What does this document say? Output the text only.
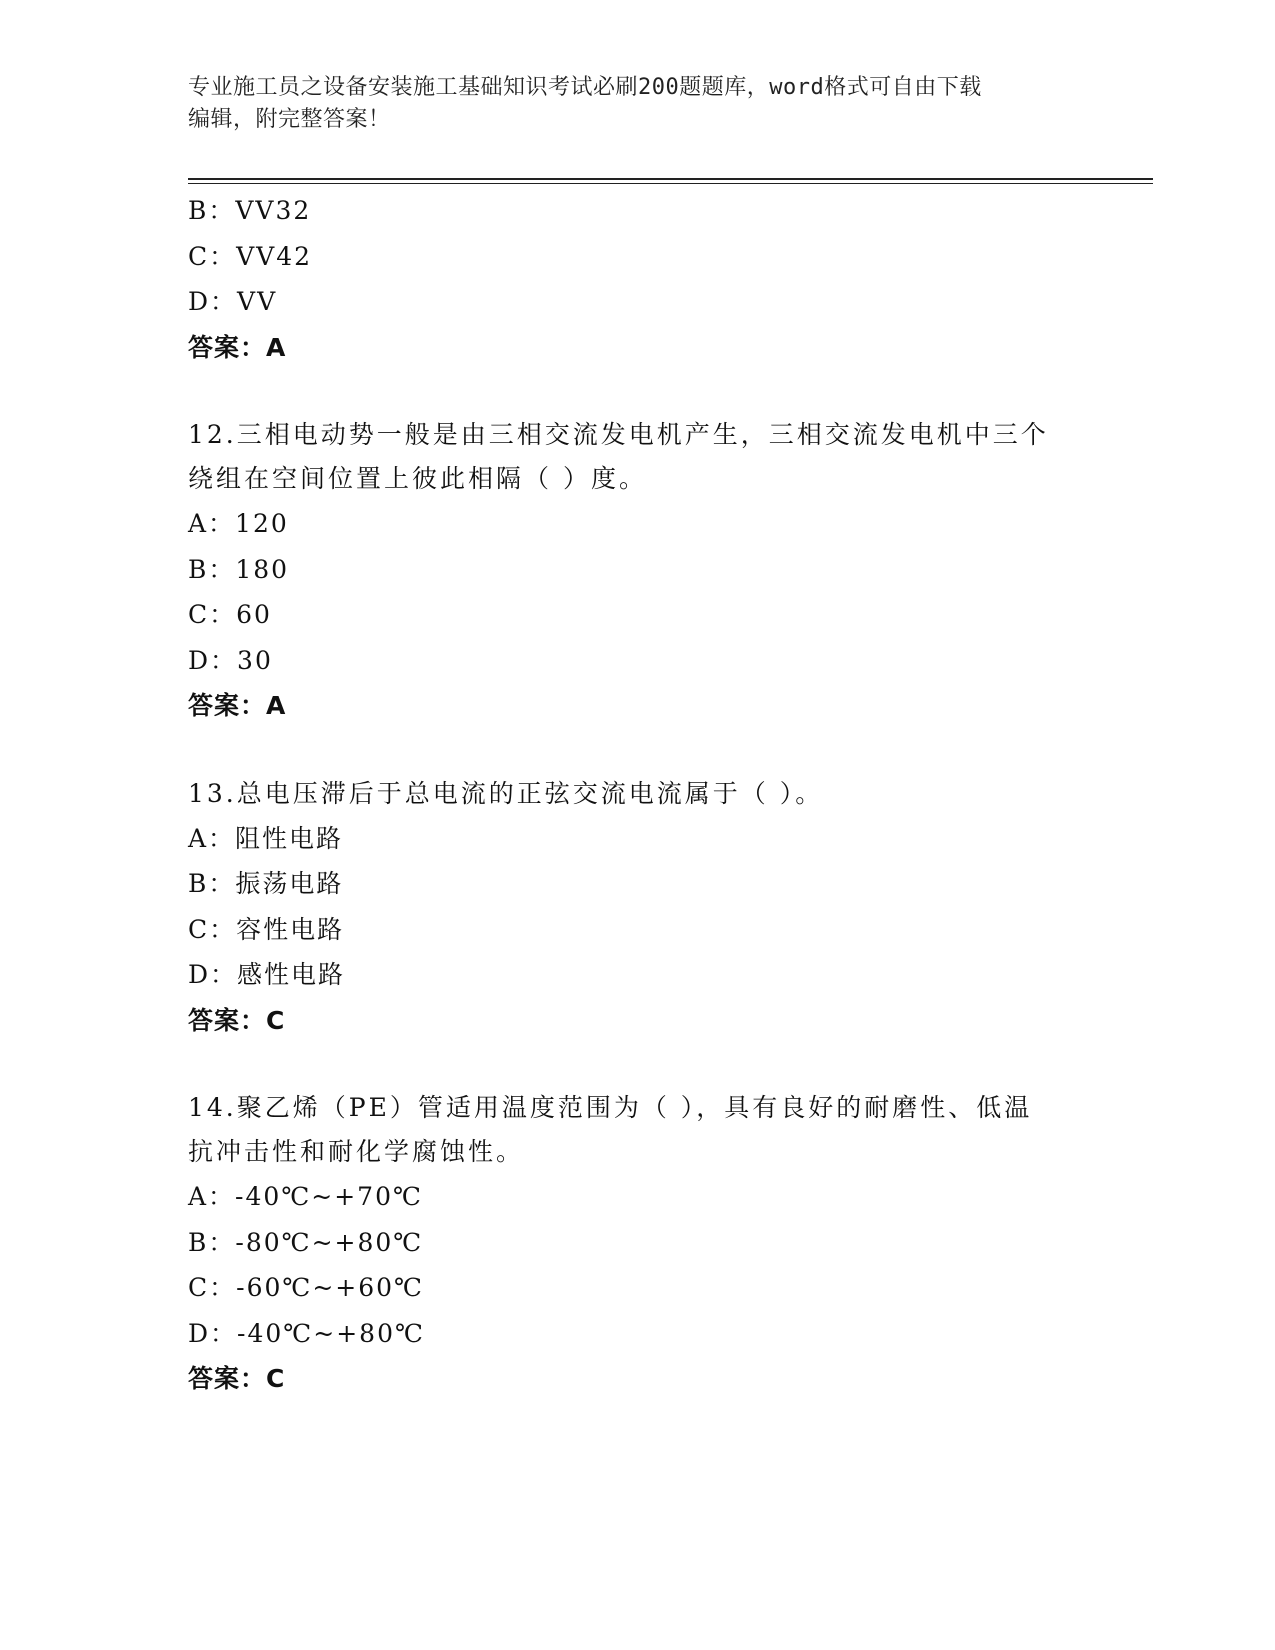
专业施工员之设备安装施工基础知识考试必刷200题题库，word格式可自由下载
编辑，附完整答案！
B：VV32
C：VV42
D：VV
答案：A
12.三相电动势一般是由三相交流发电机产生，三相交流发电机中三个
绕组在空间位置上彼此相隔（ ）度。
A：120
B：180
C：60
D：30
答案：A
13.总电压滞后于总电流的正弦交流电流属于（ ）。
A：阻性电路
B：振荡电路
C：容性电路
D：感性电路
答案：C
14.聚乙烯（PE）管适用温度范围为（ ），具有良好的耐磨性、低温
抗冲击性和耐化学腐蚀性。
A：-40℃~+70℃
B：-80℃~+80℃
C：-60℃~+60℃
D：-40℃~+80℃
答案：C
